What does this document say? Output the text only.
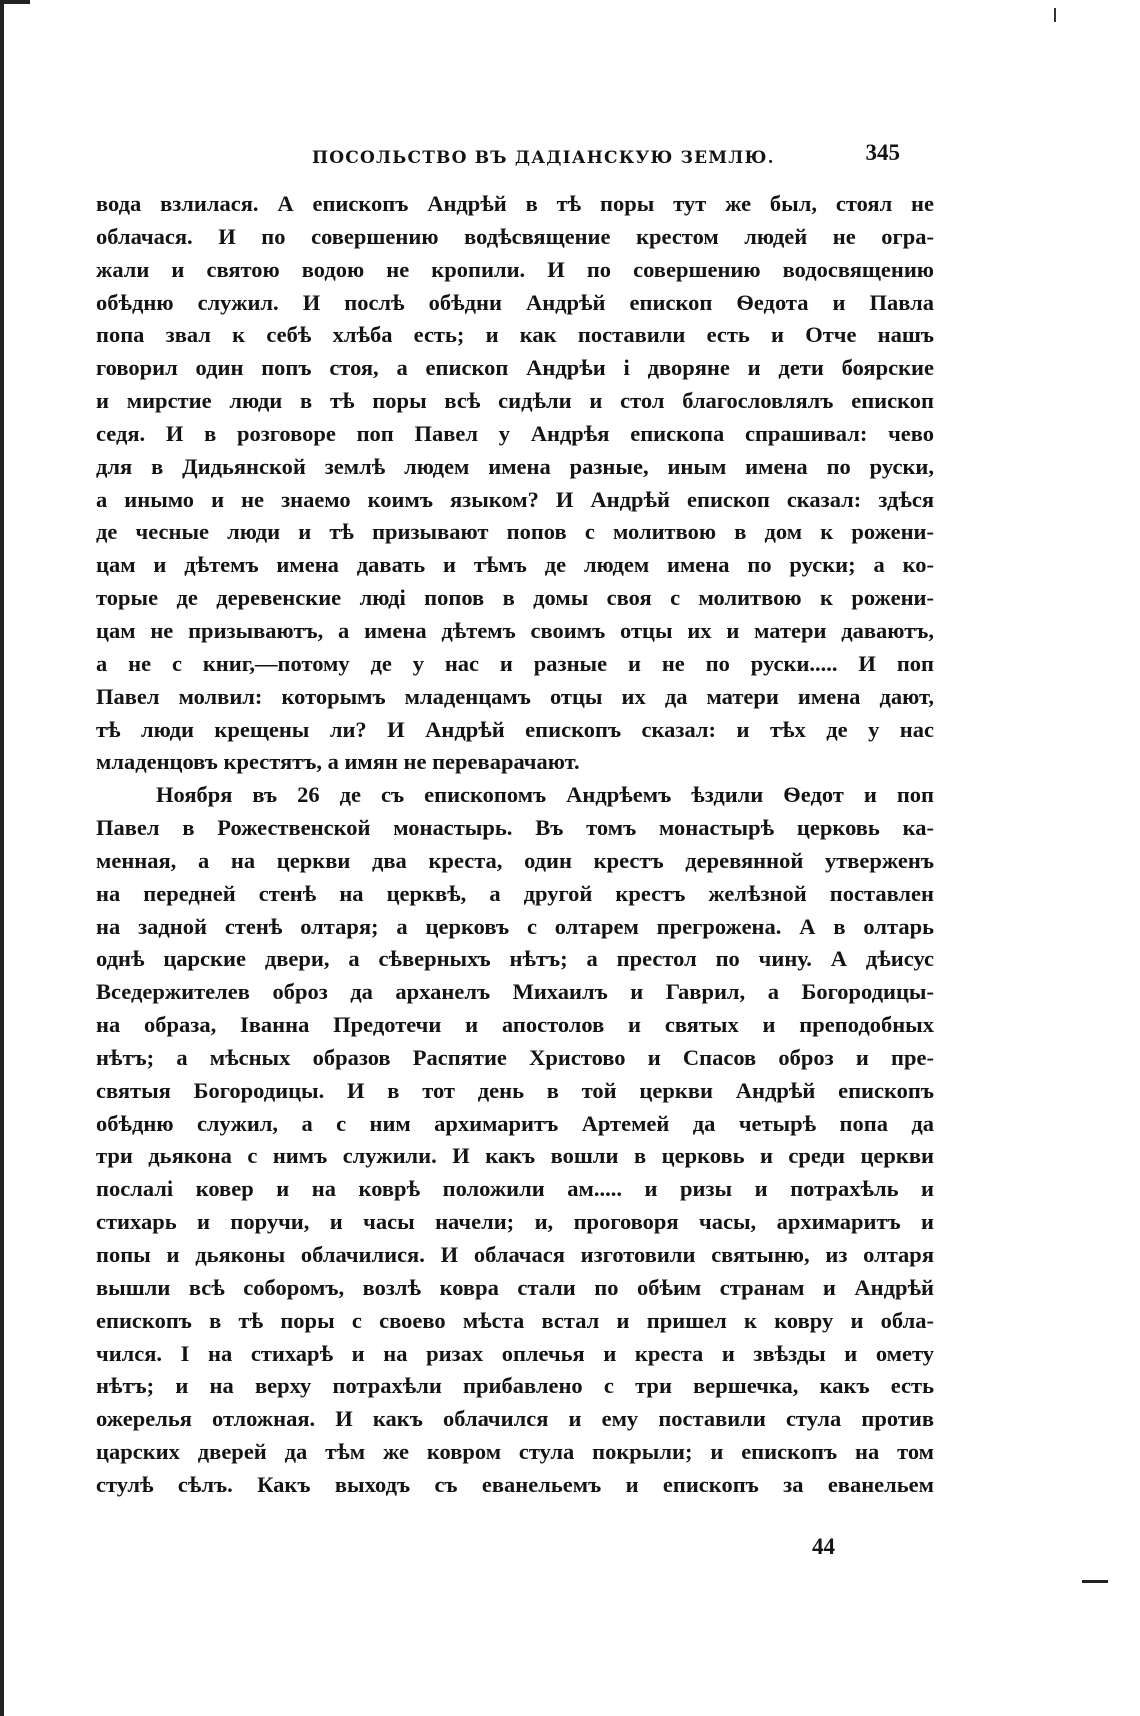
ПОСОЛЬСТВО ВЪ ДАДІАНСКУЮ ЗЕМЛЮ.	345
вода взлилася. А епископъ Андрѣй в тѣ поры тут же был, стоял не
облачася. И по совершению водѣсвящение крестом людей не огра-
жали и святою водою не кропили. И по совершению водосвящению
обѣдню служил. И послѣ обѣдни Андрѣй епископ Ѳедота и Павла
попа звал к себѣ хлѣба есть; и как поставили есть и Отче нашъ
говорил один попъ стоя, а епископ Андрѣи і дворяне и дети боярские
и мирстие люди в тѣ поры всѣ сидѣли и стол благословлялъ епископ
седя. И в розговоре поп Павел у Андрѣя епископа спрашивал: чево
для в Дидьянской землѣ людем имена разные, иным имена по руски,
а инымо и не знаемо коимъ языком? И Андрѣй епископ сказал: здѣся
де чесные люди и тѣ призывают попов с молитвою в дом к рожени-
цам и дѣтемъ имена давать и тѣмъ де людем имена по руски; а ко-
торые де деревенские люді попов в домы своя с молитвою к рожени-
цам не призываютъ, а имена дѣтемъ своимъ отцы их и матери даваютъ,
а не с книг,—потому де у нас и разные и не по руски..... И поп
Павел молвил: которымъ младенцамъ отцы их да матери имена дают,
тѣ люди крещены ли? И Андрѣй епископъ сказал: и тѣх де у нас
младенцовъ крестятъ, а имян не переварачают.
Ноября въ 26 де съ епископомъ Андрѣемъ ѣздили Ѳедот и поп
Павел в Рожественской монастырь. Въ томъ монастырѣ церковь ка-
менная, а на церкви два креста, один крестъ деревянной утверженъ
на передней стенѣ на церквѣ, а другой крестъ желѣзной поставлен
на задной стенѣ олтаря; а церковъ с олтарем прегрожена. А в олтарь
однѣ царские двери, а сѣверныхъ нѣтъ; а престол по чину. А дѣисус
Вседержителев оброз да арханелъ Михаилъ и Гаврил, а Богородицы-
на образа, Іванна Предотечи и апостолов и святых и преподобных
нѣтъ; а мѣсных образов Распятие Христово и Спасов оброз и пре-
святыя Богородицы. И в тот день в той церкви Андрѣй епископъ
обѣдню служил, а с ним архимаритъ Артемей да четырѣ попа да
три дьякона с нимъ служили. И какъ вошли в церковь и среди церкви
послалі ковер и на коврѣ положили ам..... и ризы и потрахѣль и
стихарь и поручи, и часы начели; и, проговоря часы, архимаритъ и
попы и дьяконы облачилися. И облачася изготовили святыню, из олтаря
вышли всѣ соборомъ, возлѣ ковра стали по обѣим странам и Андрѣй
епископъ в тѣ поры с своево мѣста встал и пришел к ковру и обла-
чился. І на стихарѣ и на ризах оплечья и креста и звѣзды и омету
нѣтъ; и на верху потрахѣли прибавлено с три вершечка, какъ есть
ожерелья отложная. И какъ облачился и ему поставили стула против
царских дверей да тѣм же ковром стула покрыли; и епископъ на том
стулѣ сѣлъ. Какъ выходъ съ еванельемъ и епископъ за еванельем
44
